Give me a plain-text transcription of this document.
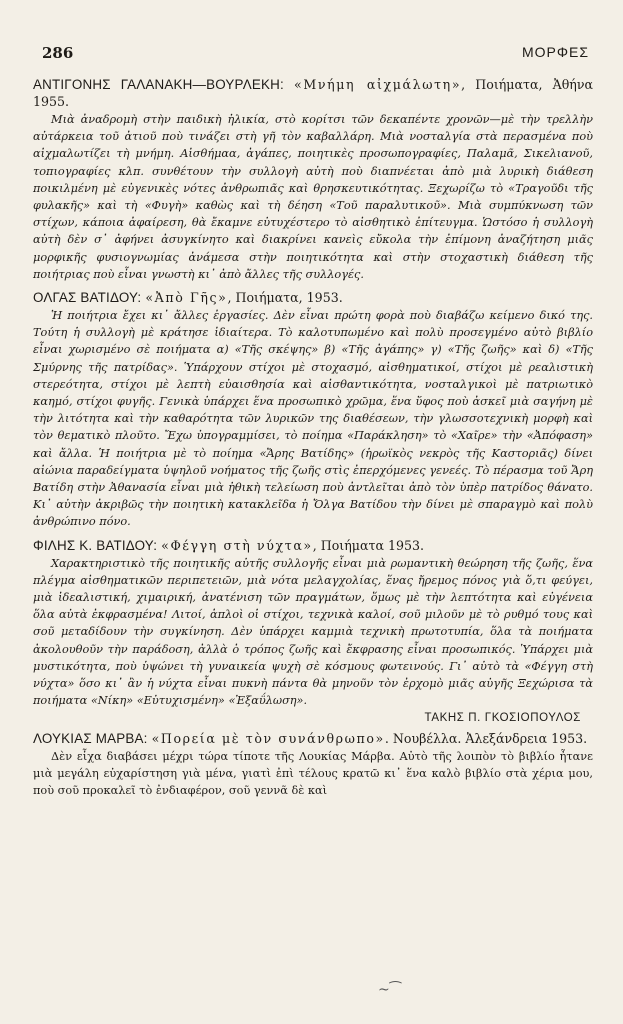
286	ΜΟΡΦΕΣ

ΑΝΤΙΓΟΝΗΣ ΓΑΛΑΝΑΚΗ—ΒΟΥΡΛΕΚΗ: «Μνήμη αἰχμάλωτη», Ποιήματα, Ἀθήνα 1955.

Μιὰ ἀναδρομὴ στὴν παιδικὴ ἡλικία, στὸ κορίτσι τῶν δεκαπέντε χρονῶν—μὲ τὴν τρελλὴν αὐτάρκεια τοῦ ἀτιοῦ ποὺ τινάζει στὴ γῆ τὸν καβαλλάρη. Μιὰ νοσταλγία στὰ περασμένα ποὺ αἰχμαλωτίζει τὴ μνήμη. Αἰσθήμαα, ἀγάπες, ποιητικὲς προσωπογραφίες, Παλαμᾶ, Σικελιανοῦ, τοπιογραφίες κλπ. συνθέτουν τὴν συλλογὴ αὐτὴ ποὺ διαπνέεται ἀπὸ μιὰ λυρικὴ διάθεση ποικιλμένη μὲ εὐγενικὲς νότες ἀνθρωπιᾶς καὶ θρησκευτικότητας. Ξεχωρίζω τὸ «Τραγοῦδι τῆς φυλακῆς» καὶ τὴ «Φυγὴ» καθὼς καὶ τὴ δέηση «Τοῦ παραλυτικοῦ». Μιὰ συμπύκνωση τῶν στίχων, κάποια ἀφαίρεση, θὰ ἔκαμνε εὐτυχέστερο τὸ αἰσθητικὸ ἐπίτευγμα. Ὡστόσο ἡ συλλογὴ αὐτὴ δὲν σ᾽ ἀφήνει ἀσυγκίνητο καὶ διακρίνει κανεὶς εὔκολα τὴν ἐπίμονη ἀναζήτηση μιᾶς μορφικῆς φυσιογνωμίας ἀνάμεσα στὴν ποιητικότητα καὶ στὴν στοχαστικὴ διάθεση τῆς ποιήτριας ποὺ εἶναι γνωστὴ κι᾽ ἀπὸ ἄλλες τῆς συλλογές.

ΟΛΓΑΣ ΒΑΤΙΔΟΥ: «Ἀπὸ Γῆς», Ποιήματα, 1953.

Ἡ ποιήτρια ἔχει κι᾽ ἄλλες ἐργασίες. Δὲν εἶναι πρώτη φορὰ ποὺ διαβάζω κείμενο δικό της. Τούτη ἡ συλλογὴ μὲ κράτησε ἰδιαίτερα. Τὸ καλοτυπωμένο καὶ πολὺ προσεγμένο αὐτὸ βιβλίο εἶναι χωρισμένο σὲ ποιήματα α) «Τῆς σκέψης» β) «Τῆς ἀγάπης» γ) «Τῆς ζωῆς» καὶ δ) «Τῆς Σμύρνης τῆς πατρίδας». Ὑπάρχουν στίχοι μὲ στοχασμό, αἰσθηματικοί, στίχοι μὲ ρεαλιστικὴ στερεότητα, στίχοι μὲ λεπτὴ εὐαισθησία καὶ αἰσθαντικότητα, νοσταλγικοὶ μὲ πατριωτικὸ καημό, στίχοι φυγῆς. Γενικὰ ὑπάρχει ἕνα προσωπικὸ χρῶμα, ἕνα ὕφος ποὺ ἀσκεῖ μιὰ σαγήνη μὲ τὴν λιτότητα καὶ τὴν καθαρότητα τῶν λυρικῶν της διαθέσεων, τὴν γλωσσοτεχνικὴ μορφὴ καὶ τὸν θεματικὸ πλοῦτο. Ἔχω ὑπογραμμίσει, τὸ ποίημα «Παράκληση» τὸ «Χαῖρε» τὴν «Ἀπόφαση» καὶ ἄλλα. Ἡ ποιήτρια μὲ τὸ ποίημα «Ἄρης Βατίδης» (ἡρωϊκὸς νεκρὸς τῆς Καστοριᾶς) δίνει αἰώνια παραδείγματα ὑψηλοῦ νοήματος τῆς ζωῆς στὶς ἐπερχόμενες γενεές. Τὸ πέρασμα τοῦ Ἄρη Βατίδη στὴν Ἀθανασία εἶναι μιὰ ἠθικὴ τελείωση ποὺ ἀντλεῖται ἀπὸ τὸν ὑπὲρ πατρίδος θάνατο. Κι᾽ αὐτὴν ἀκριβῶς τὴν ποιητικὴ κατακλεῖδα ἡ Ὄλγα Βατίδου τὴν δίνει μὲ σπαραγμὸ καὶ πολὺ ἀνθρώπινο πόνο.

ΦΙΛΗΣ Κ. ΒΑΤΙΔΟΥ: «Φέγγη στὴ νύχτα», Ποιήματα 1953.

Χαρακτηριστικὸ τῆς ποιητικῆς αὐτῆς συλλογῆς εἶναι μιὰ ρωμαντικὴ θεώρηση τῆς ζωῆς, ἕνα πλέγμα αἰσθηματικῶν περιπετειῶν, μιὰ νότα μελαγχολίας, ἕνας ἤρεμος πόνος γιὰ ὅ,τι φεύγει, μιὰ ἰδεαλιστική, χιμαιρική, ἀνατένιση τῶν πραγμάτων, ὅμως μὲ τὴν λεπτότητα καὶ εὐγένεια ὅλα αὐτὰ ἐκφρασμένα! Λιτοί, ἁπλοὶ οἱ στίχοι, τεχνικὰ καλοί, σοῦ μιλοῦν μὲ τὸ ρυθμό τους καὶ σοῦ μεταδίδουν τὴν συγκίνηση. Δὲν ὑπάρχει καμμιὰ τεχνικὴ πρωτοτυπία, ὅλα τὰ ποιήματα ἀκολουθοῦν τὴν παράδοση, ἀλλὰ ὁ τρόπος ζωῆς καὶ ἔκφρασης εἶναι προσωπικός. Ὑπάρχει μιὰ μυστικότητα, ποὺ ὑψώνει τὴ γυναικεία ψυχὴ σὲ κόσμους φωτεινούς. Γι᾽ αὐτὸ τὰ «Φέγγη στὴ νύχτα» ὅσο κι᾽ ἂν ἡ νύχτα εἶναι πυκνὴ πάντα θὰ μηνοῦν τὸν ἐρχομὸ μιᾶς αὐγῆς Ξεχώρισα τὰ ποιήματα «Νίκη» «Εὐτυχισμένη» «Ἐξαΰλωση».

ΤΑΚΗΣ Π. ΓΚΟΣΙΟΠΟΥΛΟΣ

ΛΟΥΚΙΑΣ ΜΑΡΒΑ: «Πορεία μὲ τὸν συνάνθρωπο». Νουβέλλα. Ἀλεξάνδρεια 1953.

Δὲν εἶχα διαβάσει μέχρι τώρα τίποτε τῆς Λουκίας Μάρβα. Αὐτὸ τῆς λοιπὸν τὸ βιβλίο ἦτανε μιὰ μεγάλη εὐχαρίστηση γιὰ μένα, γιατὶ ἐπὶ τέλους κρατῶ κι᾽ ἕνα καλὸ βιβλίο στὰ χέρια μου, ποὺ σοῦ προκαλεῖ τὸ ἐνδιαφέρον, σοῦ γεννᾶ δὲ καὶ

~⁀
